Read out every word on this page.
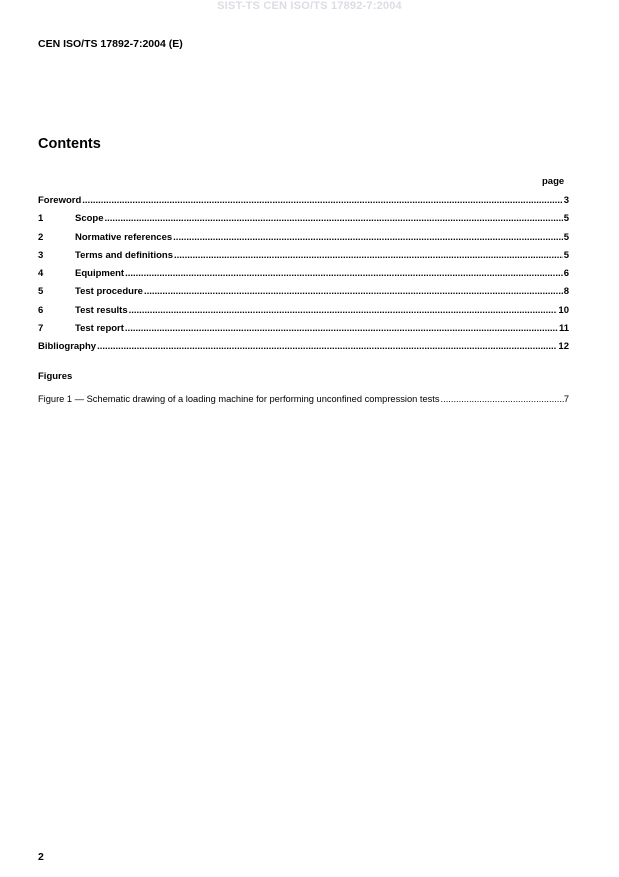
SIST-TS CEN ISO/TS 17892-7:2004
CEN ISO/TS 17892-7:2004 (E)
Contents
page
Foreword .....	3
1	Scope .....	5
2	Normative references .....	5
3	Terms and definitions .....	5
4	Equipment .....	6
5	Test procedure .....	8
6	Test results .....	10
7	Test report .....	11
Bibliography .....	12
Figures
Figure 1 — Schematic drawing of a loading machine for performing unconfined compression tests .....	7
2
